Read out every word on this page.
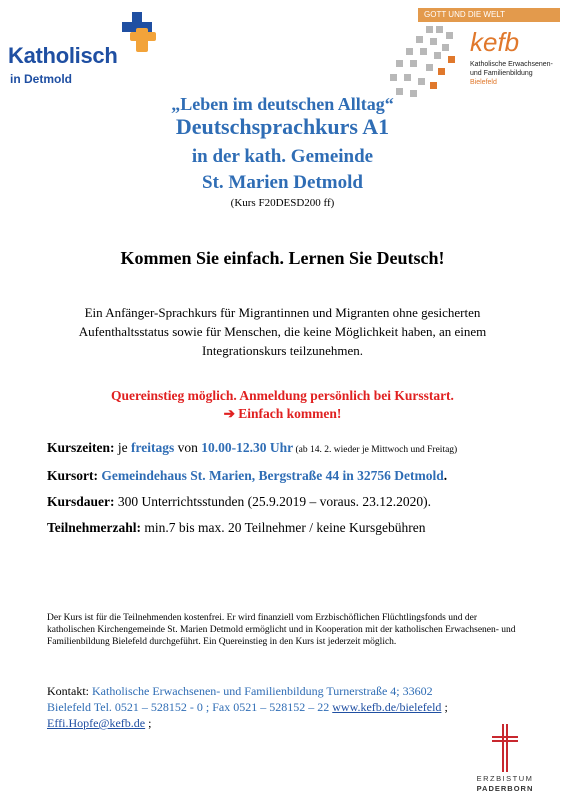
Katholisch
in Detmold
GOTT UND DIE WELT
kefb
Katholische Erwachsenen-
und Familienbildung
Bielefeld
„Leben im deutschen Alltag“
Deutschsprachkurs A1
in der kath. Gemeinde
St. Marien Detmold
(Kurs F20DESD200 ff)
Kommen Sie einfach. Lernen Sie Deutsch!
Ein Anfänger-Sprachkurs für Migrantinnen und Migranten ohne gesicherten Aufenthaltsstatus sowie für Menschen, die keine Möglichkeit haben, an einem Integrationskurs teilzunehmen.
Quereinstieg möglich. Anmeldung persönlich bei Kursstart.
➔ Einfach kommen!
Kurszeiten: je freitags von 10.00-12.30 Uhr (ab 14. 2. wieder je Mittwoch und Freitag)
Kursort: Gemeindehaus St. Marien, Bergstraße 44 in 32756 Detmold.
Kursdauer: 300 Unterrichtsstunden (25.9.2019 – voraus. 23.12.2020).
Teilnehmerzahl: min.7 bis max. 20 Teilnehmer / keine Kursgebühren
Der Kurs ist für die Teilnehmenden kostenfrei. Er wird finanziell vom Erzbischöflichen Flüchtlingsfonds und der katholischen Kirchengemeinde St. Marien Detmold ermöglicht und in Kooperation mit der katholischen Erwachsenen- und Familienbildung Bielefeld durchgeführt. Ein Quereinstieg in den Kurs ist jederzeit möglich.
Kontakt: Katholische Erwachsenen- und Familienbildung Turnerstraße 4; 33602
Bielefeld Tel. 0521 – 528152 - 0 ; Fax 0521 – 528152 – 22 www.kefb.de/bielefeld ;
Effi.Hopfe@kefb.de ;
ERZBISTUM
PADERBORN
